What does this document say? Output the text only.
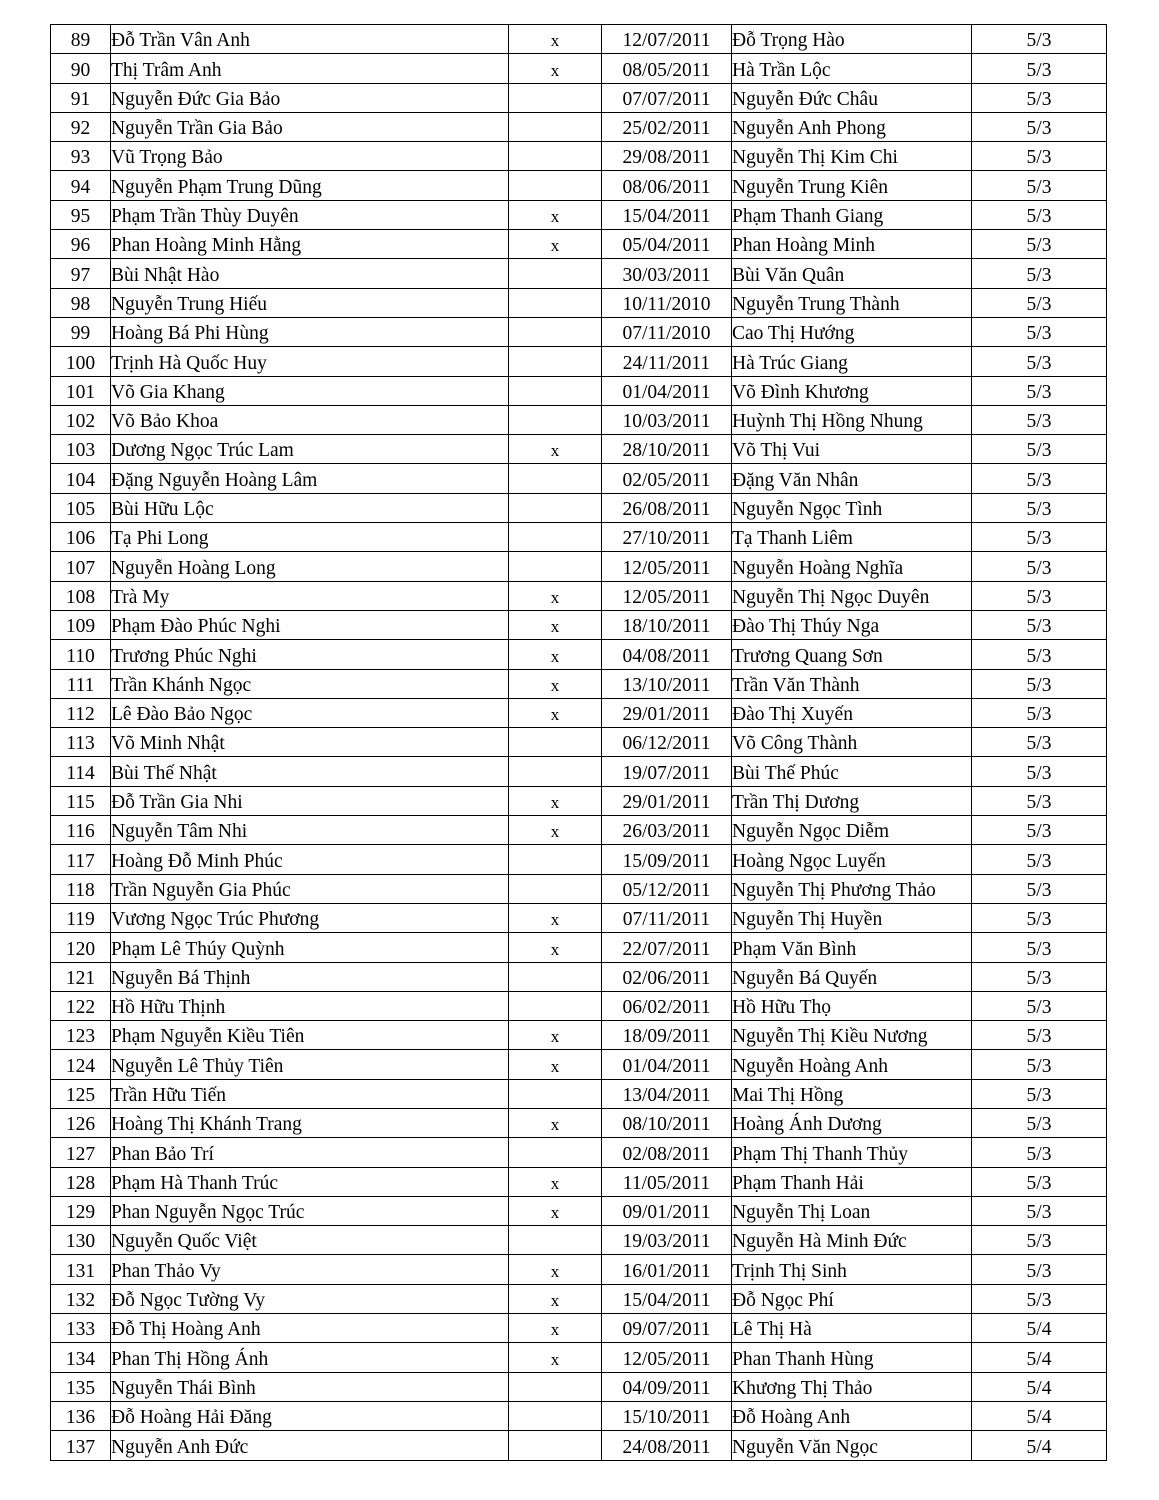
89	Đỗ Trần Vân Anh	x	12/07/2011	Đỗ Trọng Hào	5/3
90	Thị Trâm Anh	x	08/05/2011	Hà Trần Lộc	5/3
91	Nguyễn Đức Gia Bảo		07/07/2011	Nguyễn Đức Châu	5/3
92	Nguyễn Trần Gia Bảo		25/02/2011	Nguyễn Anh Phong	5/3
93	Vũ Trọng Bảo		29/08/2011	Nguyễn Thị Kim Chi	5/3
94	Nguyễn Phạm Trung Dũng		08/06/2011	Nguyễn Trung Kiên	5/3
95	Phạm Trần Thùy Duyên	x	15/04/2011	Phạm Thanh Giang	5/3
96	Phan Hoàng Minh Hằng	x	05/04/2011	Phan Hoàng Minh	5/3
97	Bùi Nhật Hào		30/03/2011	Bùi Văn Quân	5/3
98	Nguyễn Trung Hiếu		10/11/2010	Nguyễn Trung Thành	5/3
99	Hoàng Bá Phi Hùng		07/11/2010	Cao Thị Hướng	5/3
100	Trịnh Hà Quốc Huy		24/11/2011	Hà Trúc Giang	5/3
101	Võ Gia Khang		01/04/2011	Võ Đình Khương	5/3
102	Võ Bảo Khoa		10/03/2011	Huỳnh Thị Hồng Nhung	5/3
103	Dương Ngọc Trúc Lam	x	28/10/2011	Võ Thị Vui	5/3
104	Đặng Nguyễn Hoàng Lâm		02/05/2011	Đặng Văn Nhân	5/3
105	Bùi Hữu Lộc		26/08/2011	Nguyễn Ngọc Tình	5/3
106	Tạ Phi Long		27/10/2011	Tạ Thanh Liêm	5/3
107	Nguyễn Hoàng Long		12/05/2011	Nguyễn Hoàng Nghĩa	5/3
108	Trà My	x	12/05/2011	Nguyễn Thị Ngọc Duyên	5/3
109	Phạm Đào Phúc Nghi	x	18/10/2011	Đào Thị Thúy Nga	5/3
110	Trương Phúc Nghi	x	04/08/2011	Trương Quang Sơn	5/3
111	Trần Khánh Ngọc	x	13/10/2011	Trần Văn Thành	5/3
112	Lê Đào Bảo Ngọc	x	29/01/2011	Đào Thị Xuyến	5/3
113	Võ Minh Nhật		06/12/2011	Võ Công Thành	5/3
114	Bùi Thế Nhật		19/07/2011	Bùi Thế Phúc	5/3
115	Đỗ Trần Gia Nhi	x	29/01/2011	Trần Thị Dương	5/3
116	Nguyễn Tâm Nhi	x	26/03/2011	Nguyễn Ngọc Diễm	5/3
117	Hoàng Đỗ Minh Phúc		15/09/2011	Hoàng Ngọc Luyến	5/3
118	Trần Nguyễn Gia Phúc		05/12/2011	Nguyễn Thị Phương Thảo	5/3
119	Vương Ngọc Trúc Phương	x	07/11/2011	Nguyễn Thị Huyền	5/3
120	Phạm Lê Thúy Quỳnh	x	22/07/2011	Phạm Văn Bình	5/3
121	Nguyễn Bá Thịnh		02/06/2011	Nguyễn Bá Quyến	5/3
122	Hồ Hữu Thịnh		06/02/2011	Hồ Hữu Thọ	5/3
123	Phạm Nguyễn Kiều Tiên	x	18/09/2011	Nguyễn Thị Kiều Nương	5/3
124	Nguyễn Lê Thủy Tiên	x	01/04/2011	Nguyễn Hoàng Anh	5/3
125	Trần Hữu Tiến		13/04/2011	Mai Thị Hồng	5/3
126	Hoàng Thị Khánh Trang	x	08/10/2011	Hoàng Ánh Dương	5/3
127	Phan Bảo Trí		02/08/2011	Phạm Thị Thanh Thủy	5/3
128	Phạm Hà Thanh Trúc	x	11/05/2011	Phạm Thanh Hải	5/3
129	Phan Nguyễn Ngọc Trúc	x	09/01/2011	Nguyễn Thị Loan	5/3
130	Nguyễn Quốc Việt		19/03/2011	Nguyễn Hà Minh Đức	5/3
131	Phan Thảo Vy	x	16/01/2011	Trịnh Thị Sinh	5/3
132	Đỗ Ngọc Tường Vy	x	15/04/2011	Đỗ Ngọc Phí	5/3
133	Đỗ Thị Hoàng Anh	x	09/07/2011	Lê Thị Hà	5/4
134	Phan Thị Hồng Ánh	x	12/05/2011	Phan Thanh Hùng	5/4
135	Nguyễn Thái Bình		04/09/2011	Khương Thị Thảo	5/4
136	Đỗ Hoàng Hải Đăng		15/10/2011	Đỗ Hoàng Anh	5/4
137	Nguyễn Anh Đức		24/08/2011	Nguyễn Văn Ngọc	5/4
